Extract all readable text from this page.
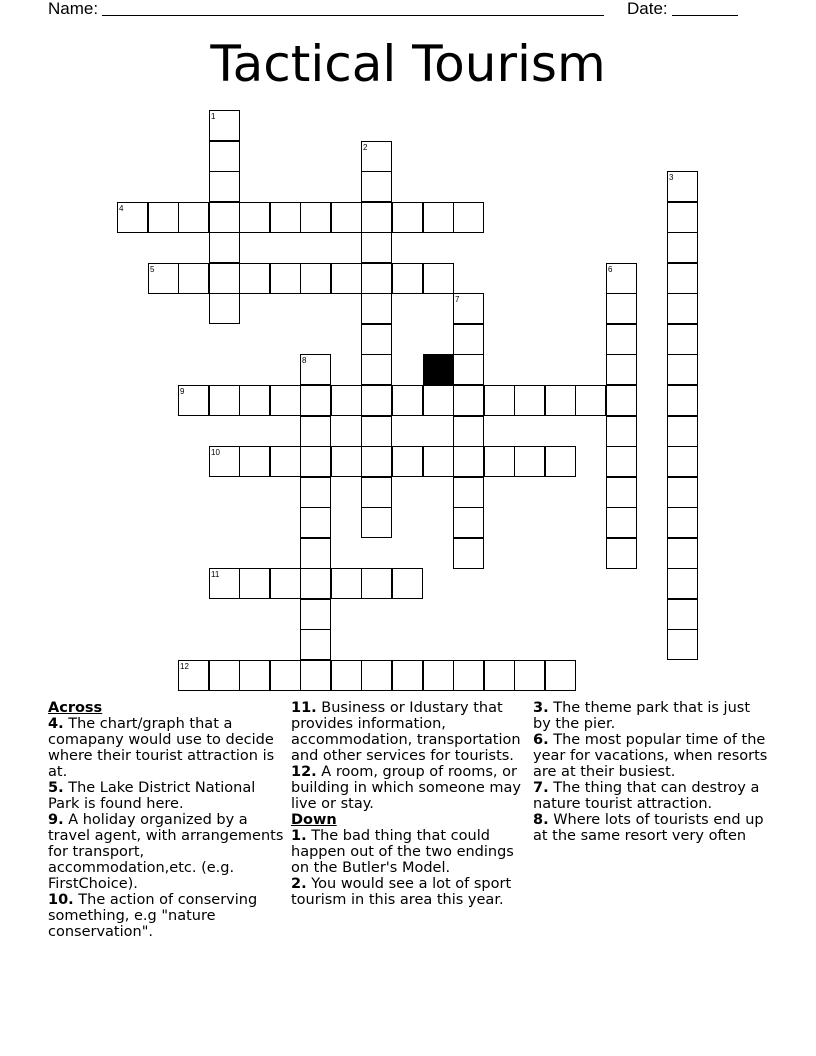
Name:	Date:
Tactical Tourism
1
2
3
4
5	6
7
8
9
10
11
12
Across
4. The chart/graph that a comapany would use to decide where their tourist attraction is at.
5. The Lake District National Park is found here.
9. A holiday organized by a travel agent, with arrangements for transport, accommodation,etc. (e.g. FirstChoice).
10. The action of conserving something, e.g "nature conservation".
11. Business or Idustary that provides information, accommodation, transportation and other services for tourists.
12. A room, group of rooms, or building in which someone may live or stay.
Down
1. The bad thing that could happen out of the two endings on the Butler's Model.
2. You would see a lot of sport tourism in this area this year.
3. The theme park that is just by the pier.
6. The most popular time of the year for vacations, when resorts are at their busiest.
7. The thing that can destroy a nature tourist attraction.
8. Where lots of tourists end up at the same resort very often
